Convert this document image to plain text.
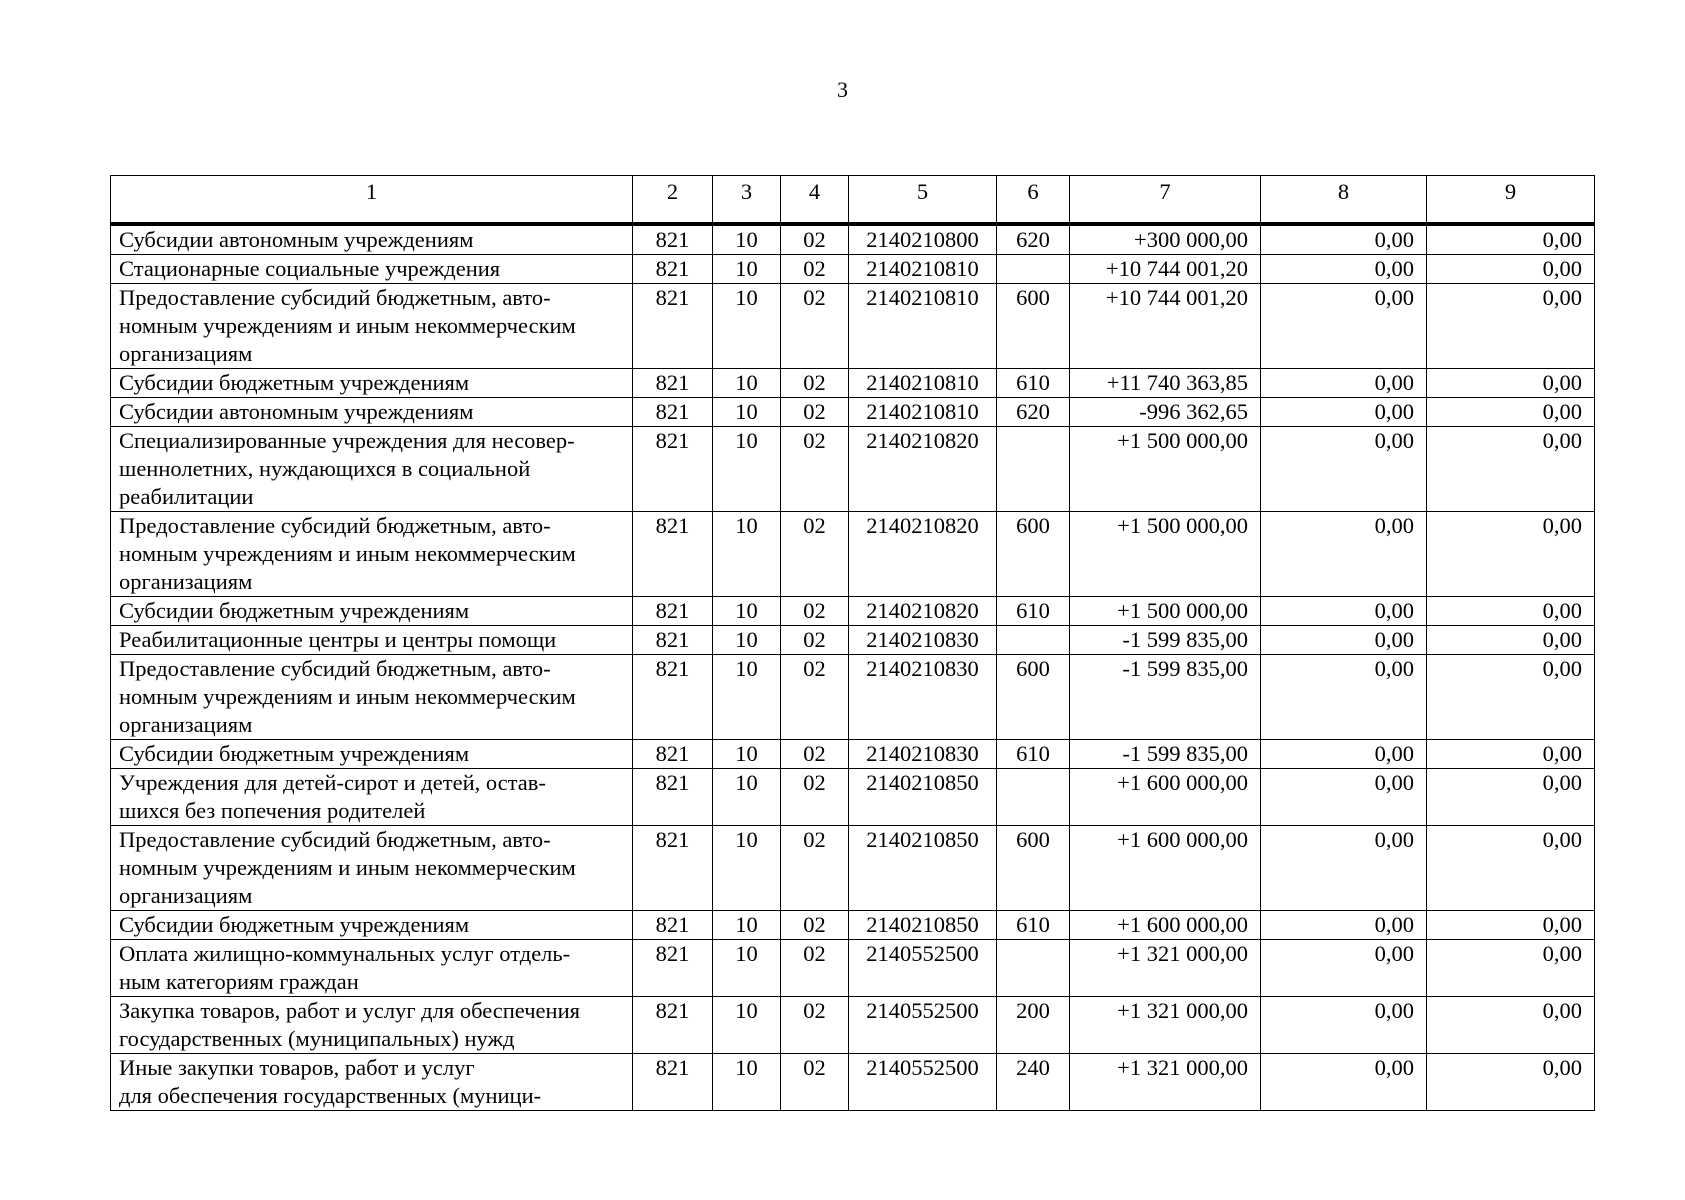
3
1	2	3	4	5	6	7	8	9
Субсидии автономным учреждениям	821	10	02	2140210800	620	+300 000,00	0,00	0,00
Стационарные социальные учреждения	821	10	02	2140210810		+10 744 001,20	0,00	0,00
Предоставление субсидий бюджетным, авто-
номным учреждениям и иным некоммерческим
организациям	821	10	02	2140210810	600	+10 744 001,20	0,00	0,00
Субсидии бюджетным учреждениям	821	10	02	2140210810	610	+11 740 363,85	0,00	0,00
Субсидии автономным учреждениям	821	10	02	2140210810	620	-996 362,65	0,00	0,00
Специализированные учреждения для несовер-
шеннолетних, нуждающихся в социальной
реабилитации	821	10	02	2140210820		+1 500 000,00	0,00	0,00
Предоставление субсидий бюджетным, авто-
номным учреждениям и иным некоммерческим
организациям	821	10	02	2140210820	600	+1 500 000,00	0,00	0,00
Субсидии бюджетным учреждениям	821	10	02	2140210820	610	+1 500 000,00	0,00	0,00
Реабилитационные центры и центры помощи	821	10	02	2140210830		-1 599 835,00	0,00	0,00
Предоставление субсидий бюджетным, авто-
номным учреждениям и иным некоммерческим
организациям	821	10	02	2140210830	600	-1 599 835,00	0,00	0,00
Субсидии бюджетным учреждениям	821	10	02	2140210830	610	-1 599 835,00	0,00	0,00
Учреждения для детей-сирот и детей, остав-
шихся без попечения родителей	821	10	02	2140210850		+1 600 000,00	0,00	0,00
Предоставление субсидий бюджетным, авто-
номным учреждениям и иным некоммерческим
организациям	821	10	02	2140210850	600	+1 600 000,00	0,00	0,00
Субсидии бюджетным учреждениям	821	10	02	2140210850	610	+1 600 000,00	0,00	0,00
Оплата жилищно-коммунальных услуг отдель-
ным категориям граждан	821	10	02	2140552500		+1 321 000,00	0,00	0,00
Закупка товаров, работ и услуг для обеспечения
государственных (муниципальных) нужд	821	10	02	2140552500	200	+1 321 000,00	0,00	0,00
Иные закупки товаров, работ и услуг
для обеспечения государственных (муници-	821	10	02	2140552500	240	+1 321 000,00	0,00	0,00
